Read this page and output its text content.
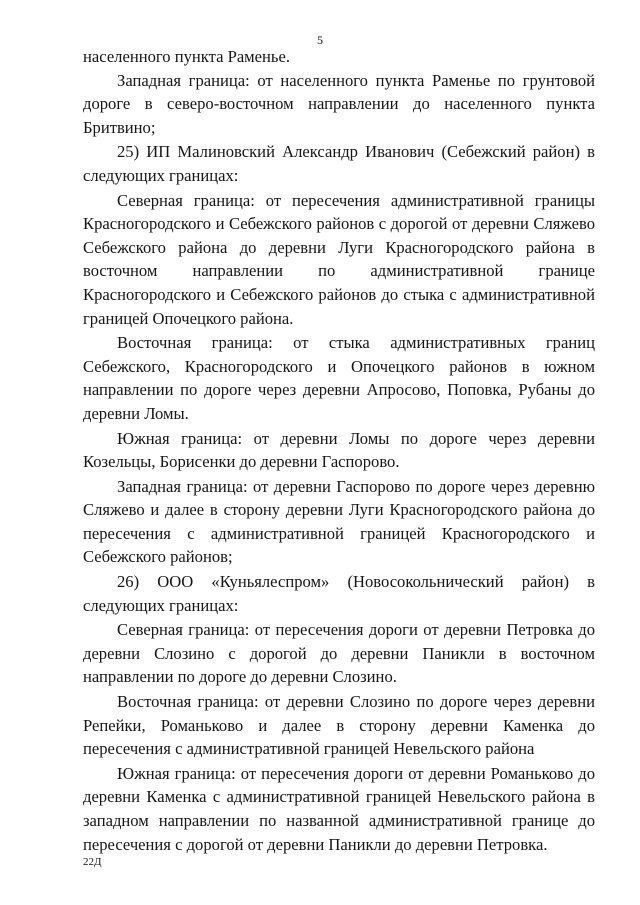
5

населенного пункта Раменье.

Западная граница: от населенного пункта Раменье по грунтовой дороге в северо-восточном направлении до населенного пункта Бритвино;

25) ИП Малиновский Александр Иванович (Себежский район) в следующих границах:

Северная граница: от пересечения административной границы Красногородского и Себежского районов с дорогой от деревни Сляжево Себежского района до деревни Луги Красногородского района в восточном направлении по административной границе Красногородского и Себежского районов до стыка с административной границей Опочецкого района.

Восточная граница: от стыка административных границ Себежского, Красногородского и Опочецкого районов в южном направлении по дороге через деревни Апросово, Поповка, Рубаны до деревни Ломы.

Южная граница: от деревни Ломы по дороге через деревни Козельцы, Борисенки до деревни Гаспорово.

Западная граница: от деревни Гаспорово по дороге через деревню Сляжево и далее в сторону деревни Луги Красногородского района до пересечения с административной границей Красногородского и Себежского районов;

26) ООО «Куньялеспром» (Новосокольнический район) в следующих границах:

Северная граница: от пересечения дороги от деревни Петровка до деревни Слозино с дорогой до деревни Паникли в восточном направлении по дороге до деревни Слозино.

Восточная граница: от деревни Слозино по дороге через деревни Репейки, Романьково и далее в сторону деревни Каменка до пересечения с административной границей Невельского района

Южная граница: от пересечения дороги от деревни Романьково до деревни Каменка с административной границей Невельского района в западном направлении по названной административной границе до пересечения с дорогой от деревни Паникли до деревни Петровка.

22Д
